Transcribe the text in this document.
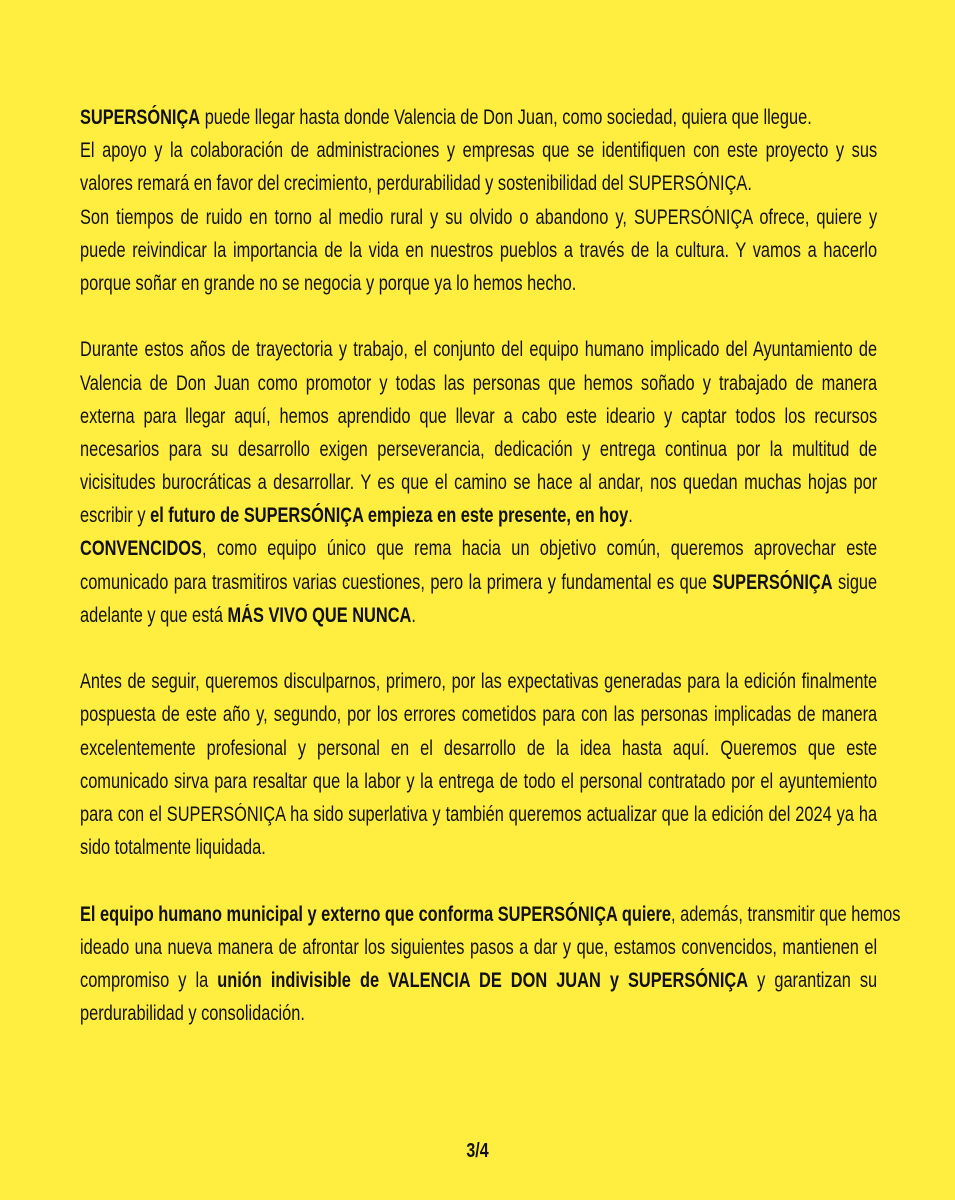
SUPERSÓNIÇA puede llegar hasta donde Valencia de Don Juan, como sociedad, quiera que llegue.
El apoyo y la colaboración de administraciones y empresas que se identifiquen con este proyecto y sus
valores remará en favor del crecimiento, perdurabilidad y sostenibilidad del SUPERSÓNIÇA.
Son tiempos de ruido en torno al medio rural y su olvido o abandono y, SUPERSÓNIÇA ofrece, quiere y
puede reivindicar la importancia de la vida en nuestros pueblos a través de la cultura. Y vamos a hacerlo
porque soñar en grande no se negocia y porque ya lo hemos hecho.
Durante estos años de trayectoria y trabajo, el conjunto del equipo humano implicado del Ayuntamiento de
Valencia de Don Juan como promotor y todas las personas que hemos soñado y trabajado de manera
externa para llegar aquí, hemos aprendido que llevar a cabo este ideario y captar todos los recursos
necesarios para su desarrollo exigen perseverancia, dedicación y entrega continua por la multitud de
vicisitudes burocráticas a desarrollar. Y es que el camino se hace al andar, nos quedan muchas hojas por
escribir y el futuro de SUPERSÓNIÇA empieza en este presente, en hoy.
CONVENCIDOS, como equipo único que rema hacia un objetivo común, queremos aprovechar este
comunicado para trasmitiros varias cuestiones, pero la primera y fundamental es que SUPERSÓNIÇA sigue
adelante y que está MÁS VIVO QUE NUNCA.
Antes de seguir, queremos disculparnos, primero, por las expectativas generadas para la edición finalmente
pospuesta de este año y, segundo, por los errores cometidos para con las personas implicadas de manera
excelentemente profesional y personal en el desarrollo de la idea hasta aquí. Queremos que este
comunicado sirva para resaltar que la labor y la entrega de todo el personal contratado por el ayuntemiento
para con el SUPERSÓNIÇA ha sido superlativa y también queremos actualizar que la edición del 2024 ya ha
sido totalmente liquidada.
El equipo humano municipal y externo que conforma SUPERSÓNIÇA quiere, además, transmitir que hemos
ideado una nueva manera de afrontar los siguientes pasos a dar y que, estamos convencidos, mantienen el
compromiso y la unión indivisible de VALENCIA DE DON JUAN y SUPERSÓNIÇA y garantizan su
perdurabilidad y consolidación.
3/4
